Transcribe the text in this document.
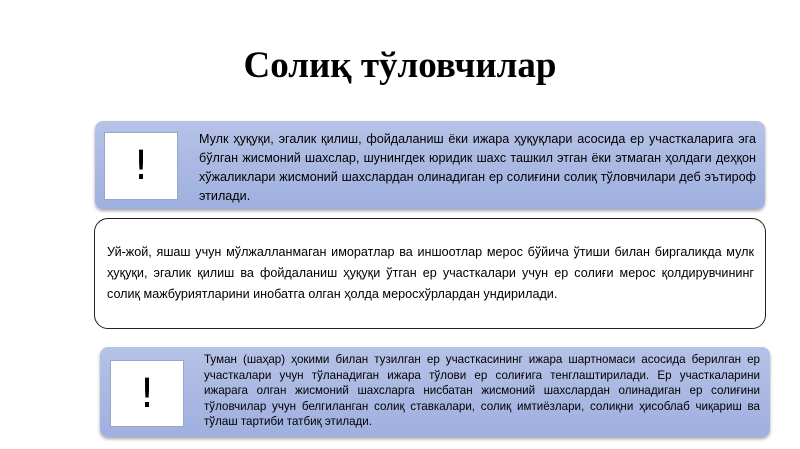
Солиқ тўловчилар
!

Мулк ҳуқуқи, эгалик қилиш, фойдаланиш ёки ижара ҳуқуқлари асосида ер участкаларига эга бўлган жисмоний шахслар, шунингдек юридик шахс ташкил этган ёки этмаган ҳолдаги деҳқон хўжаликлари жисмоний шахслардан олинадиган ер солиғини солиқ тўловчилари деб эътироф этилади.

Уй-жой, яшаш учун мўлжалланмаган иморатлар ва иншоотлар мерос бўйича ўтиши билан биргаликда мулк ҳуқуқи, эгалик қилиш ва фойдаланиш ҳуқуқи ўтган ер участкалари учун ер солиғи мерос қолдирувчининг солиқ мажбуриятларини инобатга олган ҳолда меросхўрлардан ундирилади.

!

Туман (шаҳар) ҳокими билан тузилган ер участкасининг ижара шартномаси асосида берилган ер участкалари учун тўланадиган ижара тўлови ер солиғига тенглаштирилади. Ер участкаларини ижарага олган жисмоний шахсларга нисбатан жисмоний шахслардан олинадиган ер солиғини тўловчилар учун белгиланган солиқ ставкалари, солиқ имтиёзлари, солиқни ҳисоблаб чиқариш ва тўлаш тартиби татбиқ этилади.
